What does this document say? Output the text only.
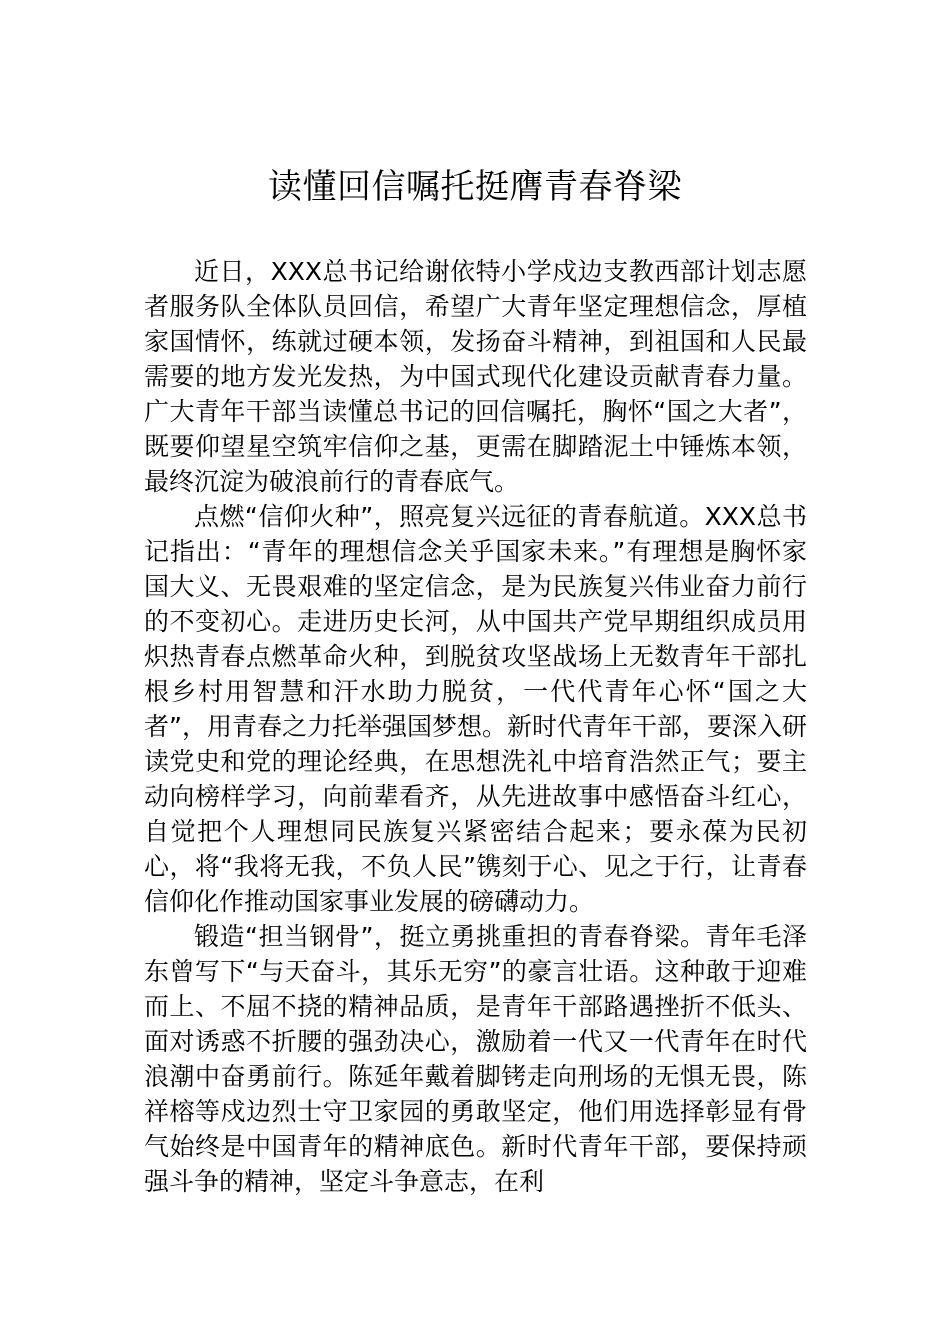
读懂回信嘱托挺膺青春脊梁

近日，XXX总书记给谢依特小学戍边支教西部计划志愿者服务队全体队员回信，希望广大青年坚定理想信念，厚植家国情怀，练就过硬本领，发扬奋斗精神，到祖国和人民最需要的地方发光发热，为中国式现代化建设贡献青春力量。广大青年干部当读懂总书记的回信嘱托，胸怀“国之大者”，既要仰望星空筑牢信仰之基，更需在脚踏泥土中锤炼本领，最终沉淀为破浪前行的青春底气。

点燃“信仰火种”，照亮复兴远征的青春航道。XXX总书记指出：“青年的理想信念关乎国家未来。”有理想是胸怀家国大义、无畏艰难的坚定信念，是为民族复兴伟业奋力前行的不变初心。走进历史长河，从中国共产党早期组织成员用炽热青春点燃革命火种，到脱贫攻坚战场上无数青年干部扎根乡村用智慧和汗水助力脱贫，一代代青年心怀“国之大者”，用青春之力托举强国梦想。新时代青年干部，要深入研读党史和党的理论经典，在思想洗礼中培育浩然正气；要主动向榜样学习，向前辈看齐，从先进故事中感悟奋斗红心，自觉把个人理想同民族复兴紧密结合起来；要永葆为民初心，将“我将无我，不负人民”镌刻于心、见之于行，让青春信仰化作推动国家事业发展的磅礴动力。

锻造“担当钢骨”，挺立勇挑重担的青春脊梁。青年毛泽东曾写下“与天奋斗，其乐无穷”的豪言壮语。这种敢于迎难而上、不屈不挠的精神品质，是青年干部路遇挫折不低头、面对诱惑不折腰的强劲决心，激励着一代又一代青年在时代浪潮中奋勇前行。陈延年戴着脚铐走向刑场的无惧无畏，陈祥榕等戍边烈士守卫家园的勇敢坚定，他们用选择彰显有骨气始终是中国青年的精神底色。新时代青年干部，要保持顽强斗争的精神，坚定斗争意志，在利
